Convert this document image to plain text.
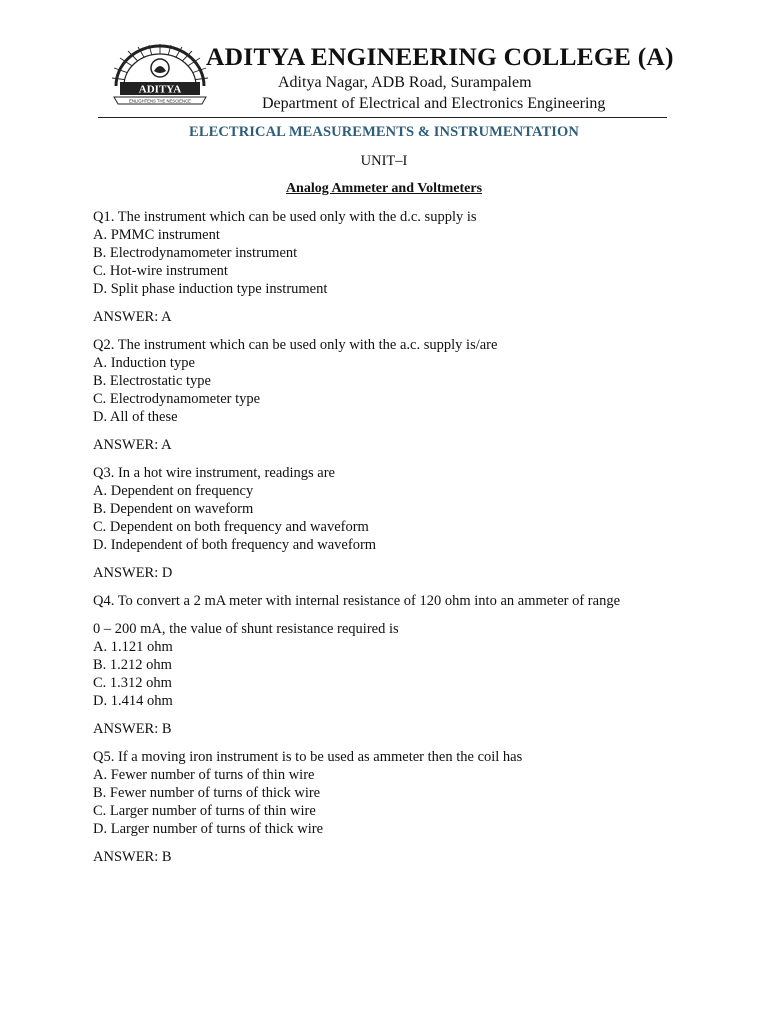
ADITYA
ENLIGHTENS THE NESCIENCE
ADITYA ENGINEERING COLLEGE (A)
Aditya Nagar, ADB Road, Surampalem
Department of Electrical and Electronics Engineering
ELECTRICAL MEASUREMENTS & INSTRUMENTATION
UNIT–I
Analog Ammeter and Voltmeters
Q1. The instrument which can be used only with the d.c. supply is
A. PMMC instrument
B. Electrodynamometer instrument
C. Hot-wire instrument
D. Split phase induction type instrument
ANSWER: A
Q2. The instrument which can be used only with the a.c. supply is/are
A. Induction type
B. Electrostatic type
C. Electrodynamometer type
D. All of these
ANSWER: A
Q3. In a hot wire instrument, readings are
A. Dependent on frequency
B. Dependent on waveform
C. Dependent on both frequency and waveform
D. Independent of both frequency and waveform
ANSWER: D
Q4. To convert a 2 mA meter with internal resistance of 120 ohm into an ammeter of range
0 – 200 mA, the value of shunt resistance required is
A. 1.121 ohm
B. 1.212 ohm
C. 1.312 ohm
D. 1.414 ohm
ANSWER: B
Q5. If a moving iron instrument is to be used as ammeter then the coil has
A. Fewer number of turns of thin wire
B. Fewer number of turns of thick wire
C. Larger number of turns of thin wire
D. Larger number of turns of thick wire
ANSWER: B
